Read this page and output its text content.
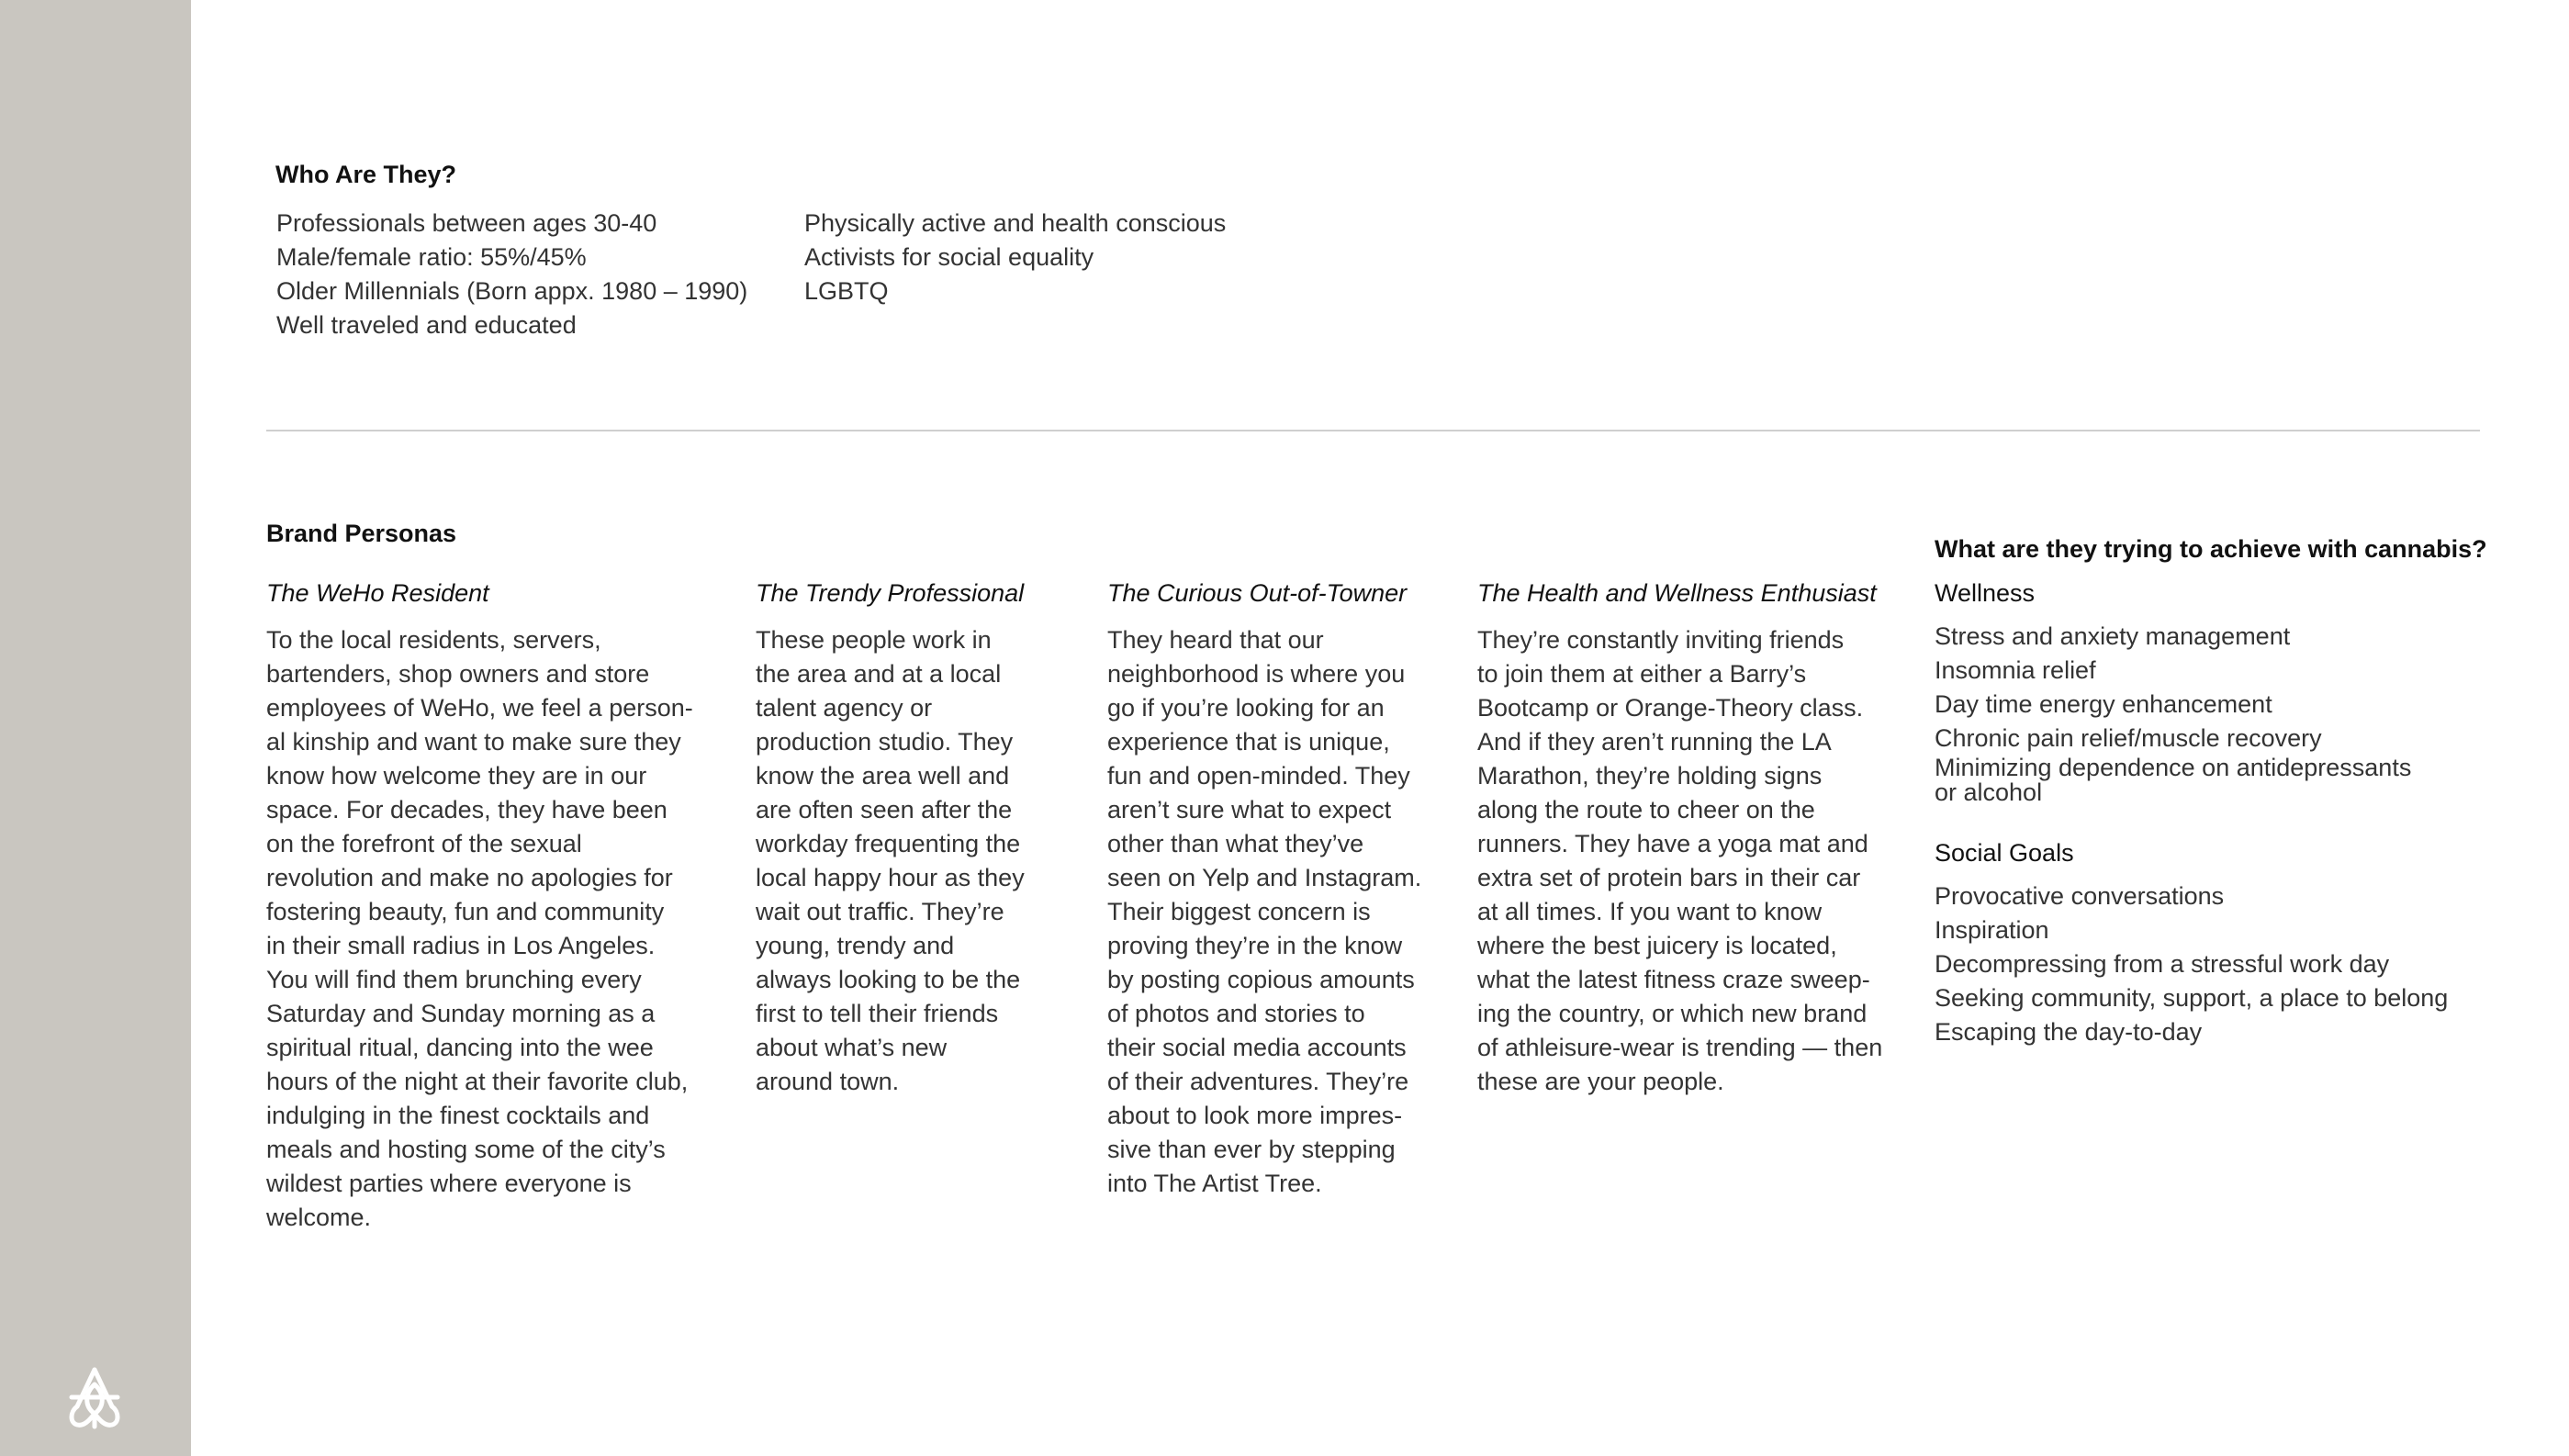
Who Are They?
Professionals between ages 30-40
Male/female ratio: 55%/45%
Older Millennials (Born appx. 1980 – 1990)
Well traveled and educated
Physically active and health conscious
Activists for social equality
LGBTQ
Brand Personas
The WeHo Resident
To the local residents, servers,
bartenders, shop owners and store
employees of WeHo, we feel a person-
al kinship and want to make sure they
know how welcome they are in our
space. For decades, they have been
on the forefront of the sexual
revolution and make no apologies for
fostering beauty, fun and community
in their small radius in Los Angeles.
You will find them brunching every
Saturday and Sunday morning as a
spiritual ritual, dancing into the wee
hours of the night at their favorite club,
indulging in the finest cocktails and
meals and hosting some of the city’s
wildest parties where everyone is
welcome.
The Trendy Professional
These people work in
the area and at a local
talent agency or
production studio. They
know the area well and
are often seen after the
workday frequenting the
local happy hour as they
wait out traffic. They’re
young, trendy and
always looking to be the
first to tell their friends
about what’s new
around town.
The Curious Out-of-Towner
They heard that our
neighborhood is where you
go if you’re looking for an
experience that is unique,
fun and open-minded. They
aren’t sure what to expect
other than what they’ve
seen on Yelp and Instagram.
Their biggest concern is
proving they’re in the know
by posting copious amounts
of photos and stories to
their social media accounts
of their adventures. They’re
about to look more impres-
sive than ever by stepping
into The Artist Tree.
The Health and Wellness Enthusiast
They’re constantly inviting friends
to join them at either a Barry’s
Bootcamp or Orange-Theory class.
And if they aren’t running the LA
Marathon, they’re holding signs
along the route to cheer on the
runners. They have a yoga mat and
extra set of protein bars in their car
at all times. If you want to know
where the best juicery is located,
what the latest fitness craze sweep-
ing the country, or which new brand
of athleisure-wear is trending — then
these are your people.
What are they trying to achieve with cannabis?
Wellness
Stress and anxiety management
Insomnia relief
Day time energy enhancement
Chronic pain relief/muscle recovery
Minimizing dependence on antidepressants
or alcohol
Social Goals
Provocative conversations
Inspiration
Decompressing from a stressful work day
Seeking community, support, a place to belong
Escaping the day-to-day
